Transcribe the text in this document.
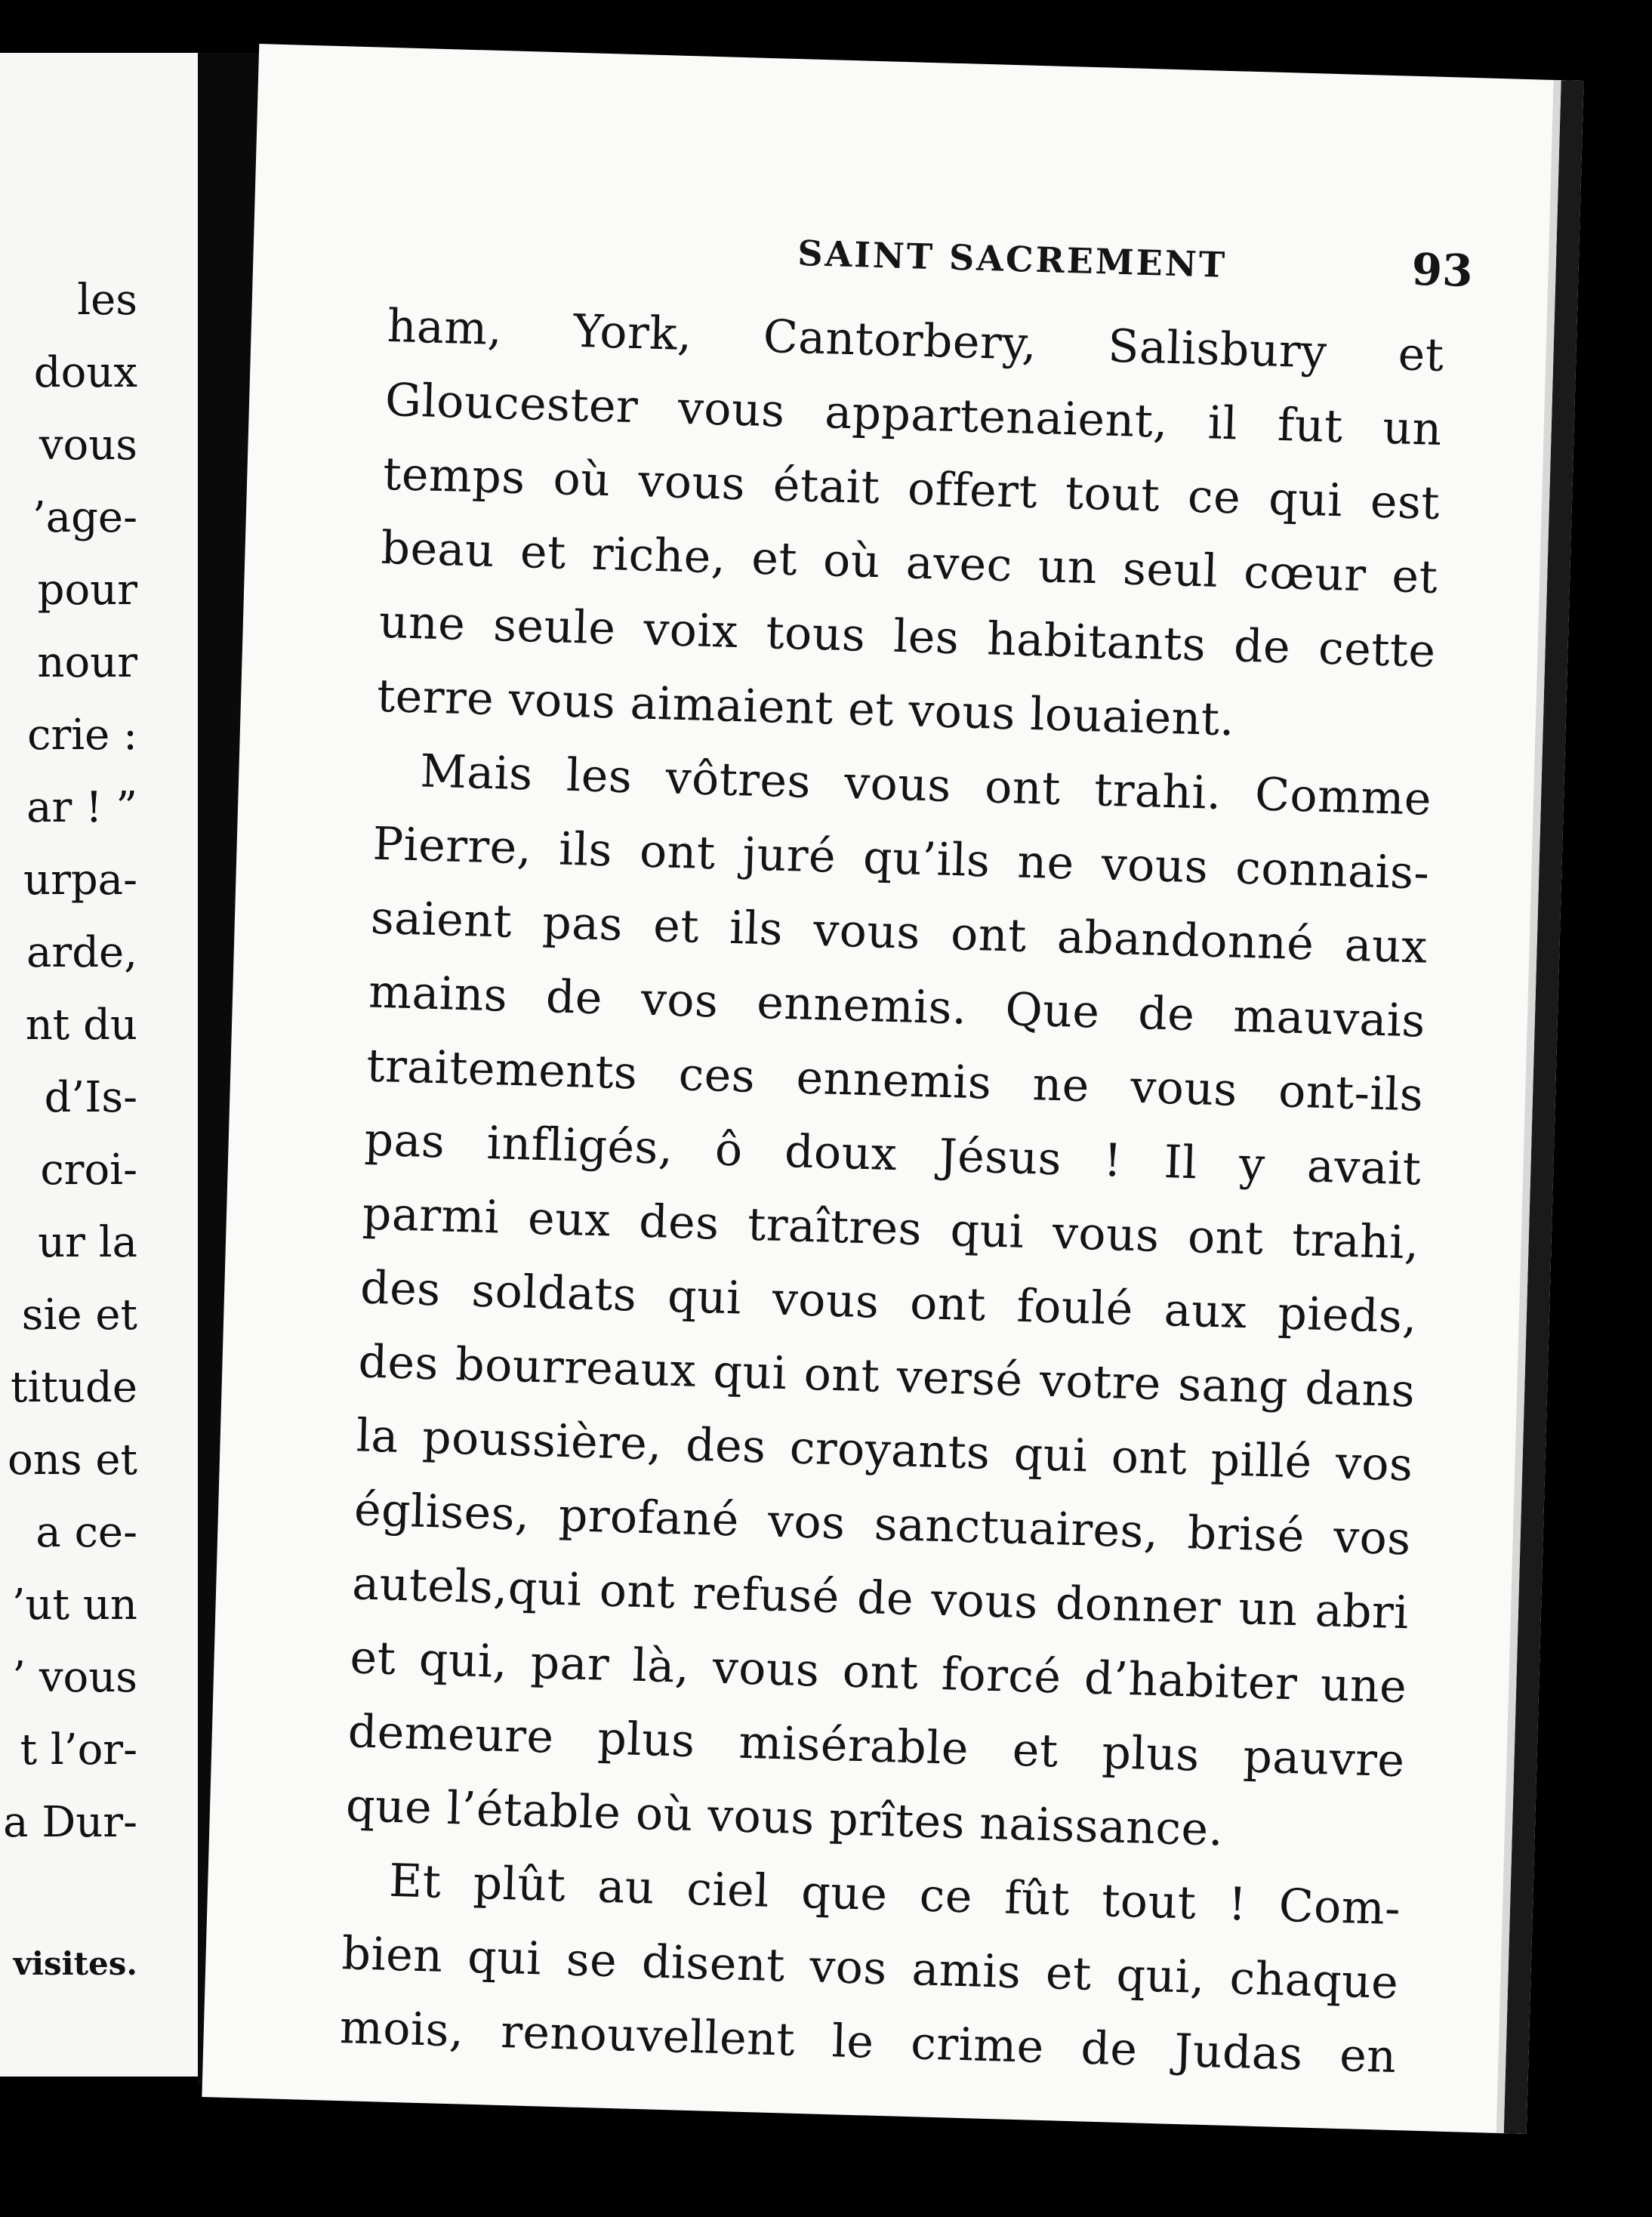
les
doux
vous
’age-
pour
nour
crie :
ar ! ”
urpa-
arde,
nt du
d’Is-
croi-
ur la
sie et
titude
ons et
a ce-
’ut un
’ vous
t l’or-
a Dur-
visites.
SAINT SACREMENT	93
ham, York, Cantorbery, Salisbury et
Gloucester vous appartenaient, il fut un
temps où vous était offert tout ce qui est
beau et riche, et où avec un seul cœur et
une seule voix tous les habitants de cette
terre vous aimaient et vous louaient.
Mais les vôtres vous ont trahi. Comme
Pierre, ils ont juré qu’ils ne vous connais-
saient pas et ils vous ont abandonné aux
mains de vos ennemis. Que de mauvais
traitements ces ennemis ne vous ont-ils
pas infligés, ô doux Jésus ! Il y avait
parmi eux des traîtres qui vous ont trahi,
des soldats qui vous ont foulé aux pieds,
des bourreaux qui ont versé votre sang dans
la poussière, des croyants qui ont pillé vos
églises, profané vos sanctuaires, brisé vos
autels,qui ont refusé de vous donner un abri
et qui, par là, vous ont forcé d’habiter une
demeure plus misérable et plus pauvre
que l’étable où vous prîtes naissance.
Et plût au ciel que ce fût tout ! Com-
bien qui se disent vos amis et qui, chaque
mois, renouvellent le crime de Judas en
